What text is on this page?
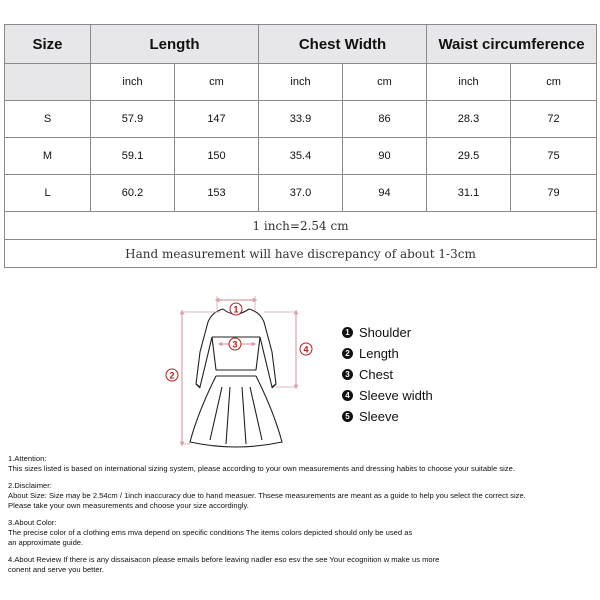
Size	Length		Chest Width		Waist circumference	
	inch	cm	inch	cm	inch	cm
S	57.9	147	33.9	86	28.3	72
M	59.1	150	35.4	90	29.5	75
L	60.2	153	37.0	94	31.1	79
1 inch=2.54 cm						
Hand measurement will have discrepancy of about 1-3cm						
1
3
2
4
1 Shoulder
2 Length
3 Chest
4 Sleeve width
5 Sleeve

1.Attention:
This sizes listed is based on international sizing system, please according to your own measurements and dressing habits to choose your suitable size.

2.Disclaimer:
About Size: Size may be 2.54cm / 1inch inaccuracy due to hand measuer. Thsese measurements are meant as a guide to help you select the correct size.
Please take your own measurements and choose your size accordingly.

3.About Color:
The precise color of a clothing ems mva depend on specific conditions The items colors depicted should only be used as
an approximate guide.

4.About Review If there is any dissaisacon please emails before leaving nadler eso esv the see Your ecognition w make us more
conent and serve you better.
